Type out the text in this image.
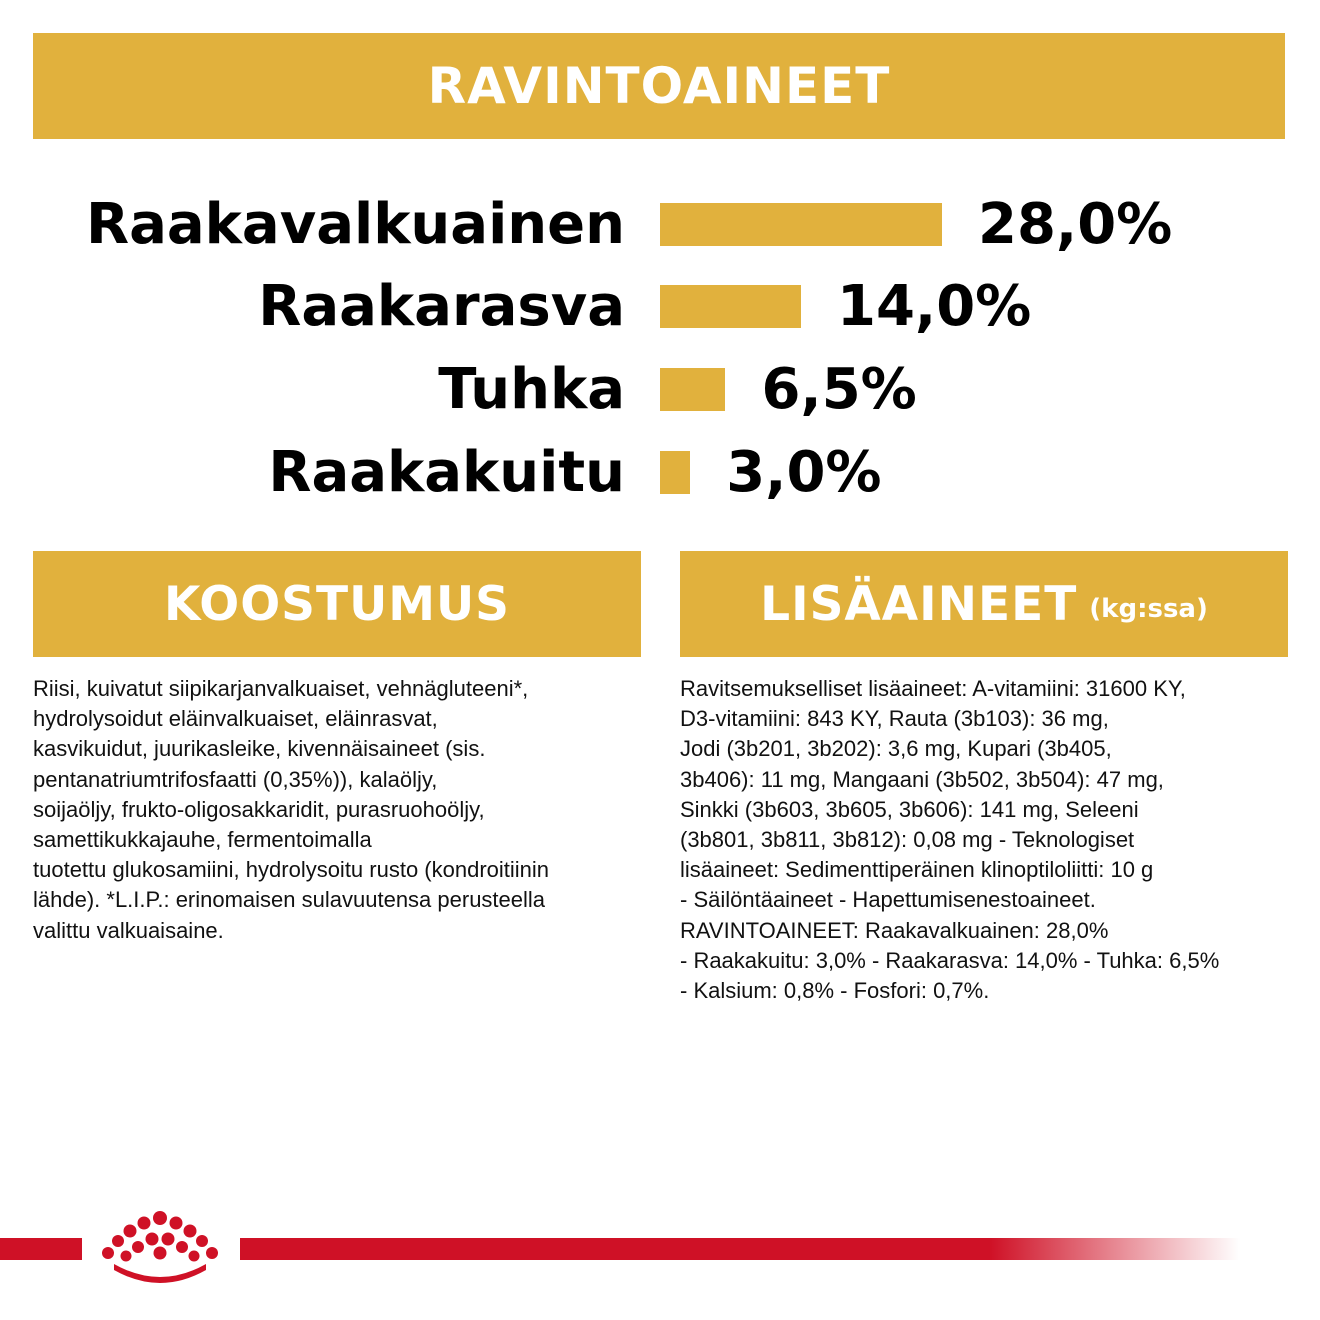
RAVINTOAINEET
Raakavalkuainen	28,0%
Raakarasva	14,0%
Tuhka 6,5%
Raakakuitu 3,0%
KOOSTUMUS
Riisi, kuivatut siipikarjanvalkuaiset, vehnägluteeni*,
hydrolysoidut eläinvalkuaiset, eläinrasvat,
kasvikuidut, juurikasleike, kivennäisaineet (sis.
pentanatriumtrifosfaatti (0,35%)), kalaöljy,
soijaöljy, frukto-oligosakkaridit, purasruohoöljy,
samettikukkajauhe, fermentoimalla
tuotettu glukosamiini, hydrolysoitu rusto (kondroitiinin
lähde). *L.I.P.: erinomaisen sulavuutensa perusteella
valittu valkuaisaine.
LISÄAINEET (kg:ssa)
Ravitsemukselliset lisäaineet: A-vitamiini: 31600 KY,
D3-vitamiini: 843 KY, Rauta (3b103): 36 mg,
Jodi (3b201, 3b202): 3,6 mg, Kupari (3b405,
3b406): 11 mg, Mangaani (3b502, 3b504): 47 mg,
Sinkki (3b603, 3b605, 3b606): 141 mg, Seleeni
(3b801, 3b811, 3b812): 0,08 mg - Teknologiset
lisäaineet: Sedimenttiperäinen klinoptiloliitti: 10 g
- Säilöntäaineet - Hapettumisenestoaineet.
RAVINTOAINEET: Raakavalkuainen: 28,0%
- Raakakuitu: 3,0% - Raakarasva: 14,0% - Tuhka: 6,5%
- Kalsium: 0,8% - Fosfori: 0,7%.
